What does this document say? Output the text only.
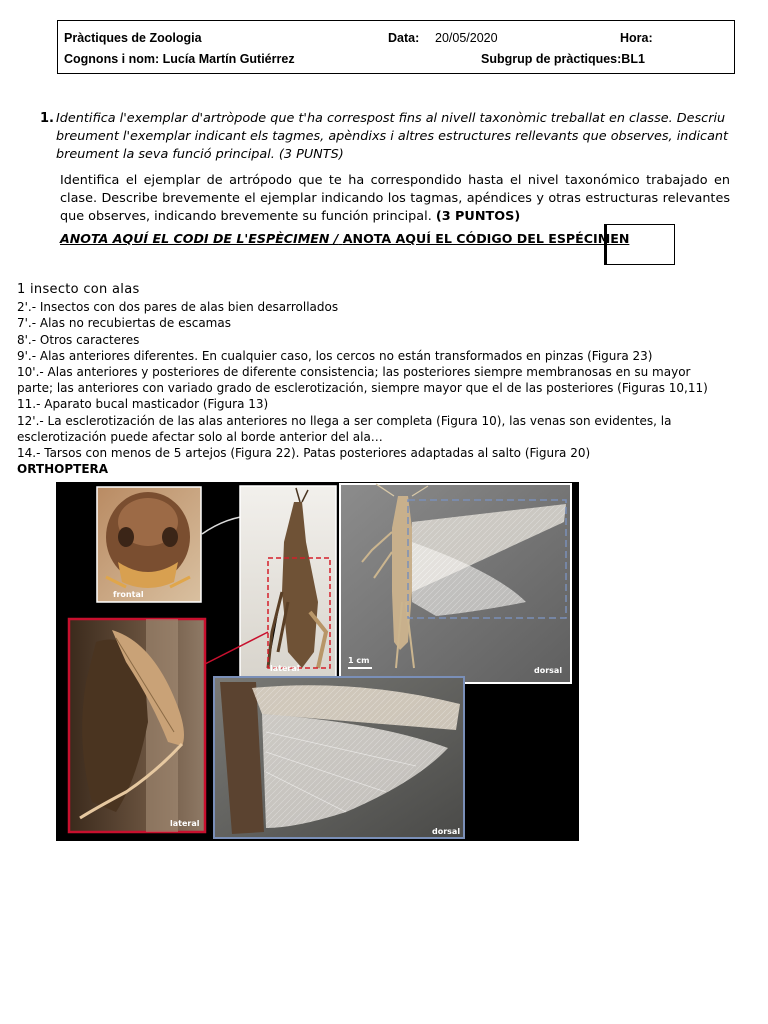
Pràctiques de Zoologia	Data: 20/05/2020	Hora:
Cognons i nom: Lucía Martín Gutiérrez	Subgrup de pràctiques:BL1
1. Identifica l'exemplar d'artròpode que t'ha correspost fins al nivell taxonòmic treballat en classe. Descriu
breument l'exemplar indicant els tagmes, apèndixs i altres estructures rellevants que observes, indicant
breument la seva funció principal. (3 PUNTS)
Identifica el ejemplar de artrópodo que te ha correspondido hasta el nivel taxonómico trabajado en clase. Describe brevemente el ejemplar indicando los tagmas, apéndices y otras estructuras relevantes que observes, indicando brevemente su función principal. (3 PUNTOS)
ANOTA AQUÍ EL CODI DE L'ESPÈCIMEN / ANOTA AQUÍ EL CÓDIGO DEL ESPÉCIMEN
1 insecto con alas
2'.- Insectos con dos pares de alas bien desarrollados
7'.- Alas no recubiertas de escamas
8'.- Otros caracteres
9'.- Alas anteriores diferentes. En cualquier caso, los cercos no están transformados en pinzas (Figura 23)
10'.- Alas anteriores y posteriores de diferente consistencia; las posteriores siempre membranosas en su mayor parte; las anteriores con variado grado de esclerotización, siempre mayor que el de las posteriores (Figuras 10,11)
11.- Aparato bucal masticador (Figura 13)
12'.- La esclerotización de las alas anteriores no llega a ser completa (Figura 10), las venas son evidentes, la esclerotización puede afectar solo al borde anterior del ala…
14.- Tarsos con menos de 5 artejos (Figura 22). Patas posteriores adaptadas al salto (Figura 20)
ORTHOPTERA
frontal
lateral
1 cm
dorsal
lateral
dorsal
